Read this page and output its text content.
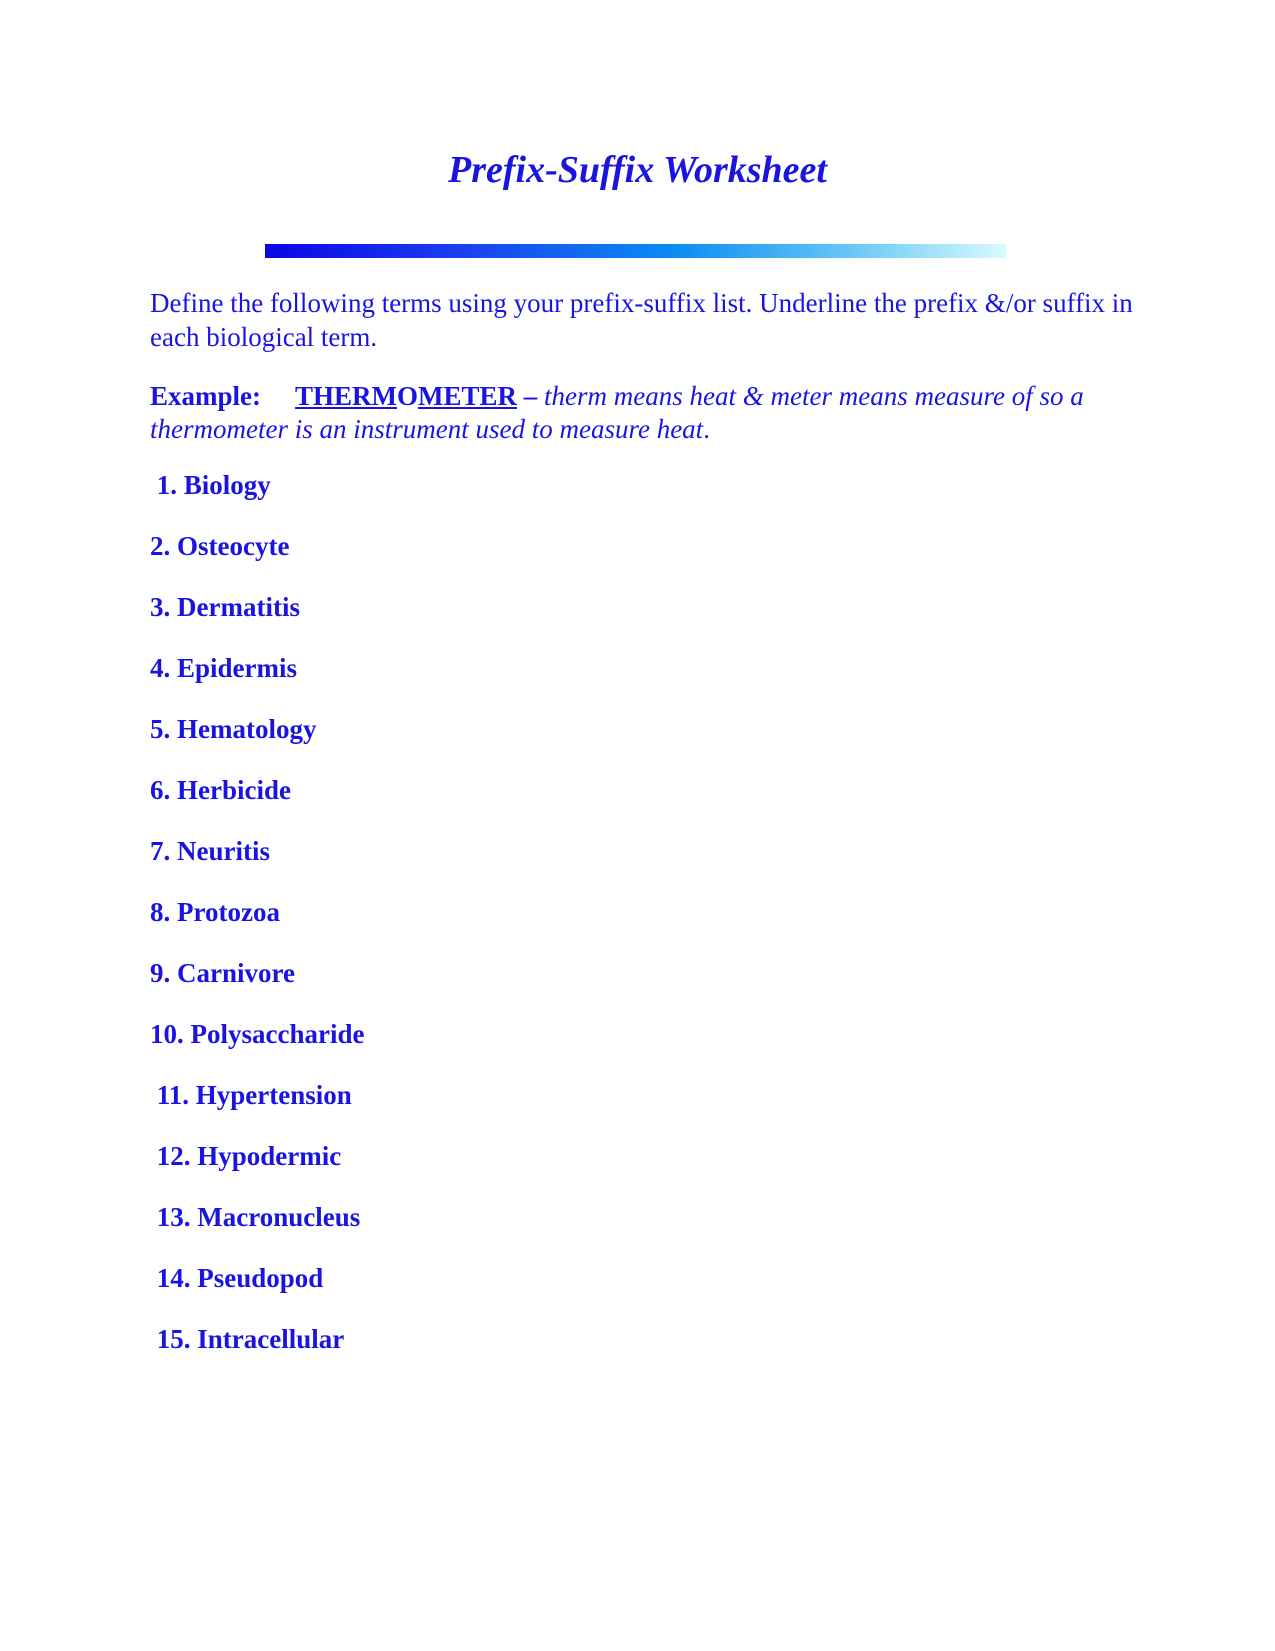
Prefix-Suffix Worksheet
Define the following terms using your prefix-suffix list. Underline the prefix &/or suffix in each biological term.
Example: THERMOMETER – therm means heat & meter means measure of so a thermometer is an instrument used to measure heat.
1. Biology
2. Osteocyte
3. Dermatitis
4. Epidermis
5. Hematology
6. Herbicide
7. Neuritis
8. Protozoa
9. Carnivore
10. Polysaccharide
11. Hypertension
12. Hypodermic
13. Macronucleus
14. Pseudopod
15. Intracellular
